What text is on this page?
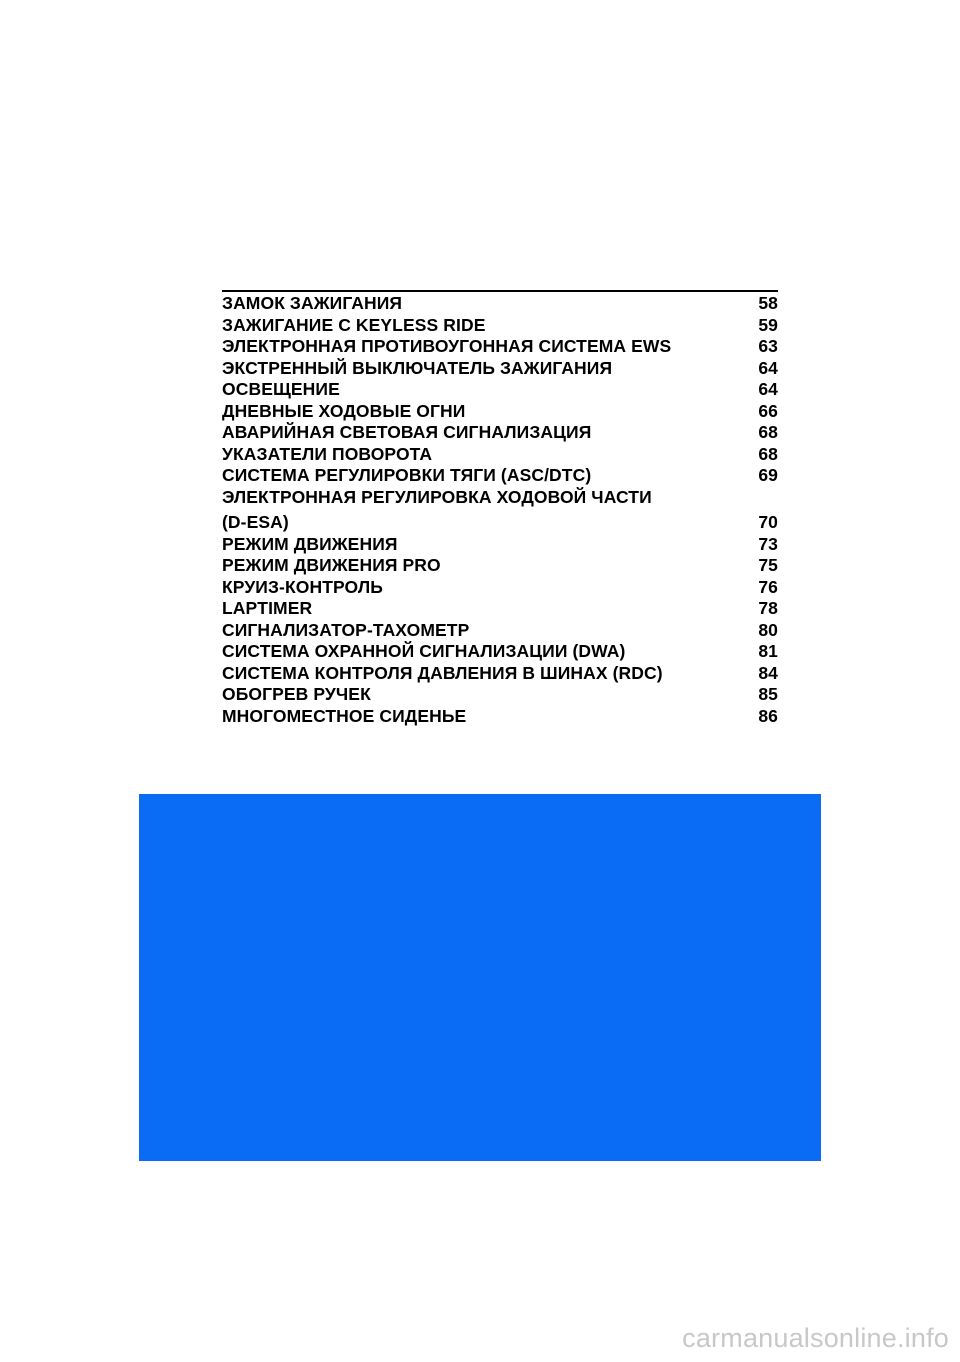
ЗАМОК ЗАЖИГАНИЯ	58
ЗАЖИГАНИЕ С KEYLESS RIDE	59
ЭЛЕКТРОННАЯ ПРОТИВОУГОННАЯ СИСТЕМА EWS	63
ЭКСТРЕННЫЙ ВЫКЛЮЧАТЕЛЬ ЗАЖИГАНИЯ	64
ОСВЕЩЕНИЕ	64
ДНЕВНЫЕ ХОДОВЫЕ ОГНИ	66
АВАРИЙНАЯ СВЕТОВАЯ СИГНАЛИЗАЦИЯ	68
УКАЗАТЕЛИ ПОВОРОТА	68
СИСТЕМА РЕГУЛИРОВКИ ТЯГИ (ASC/DTC)	69
ЭЛЕКТРОННАЯ РЕГУЛИРОВКА ХОДОВОЙ ЧАСТИ
(D-ESA)	70
РЕЖИМ ДВИЖЕНИЯ	73
РЕЖИМ ДВИЖЕНИЯ PRO	75
КРУИЗ-КОНТРОЛЬ	76
LAPTIMER	78
СИГНАЛИЗАТОР-ТАХОМЕТР	80
СИСТЕМА ОХРАННОЙ СИГНАЛИЗАЦИИ (DWA)	81
СИСТЕМА КОНТРОЛЯ ДАВЛЕНИЯ В ШИНАХ (RDC)	84
ОБОГРЕВ РУЧЕК	85
МНОГОМЕСТНОЕ СИДЕНЬЕ	86
carmanualsonline.info
